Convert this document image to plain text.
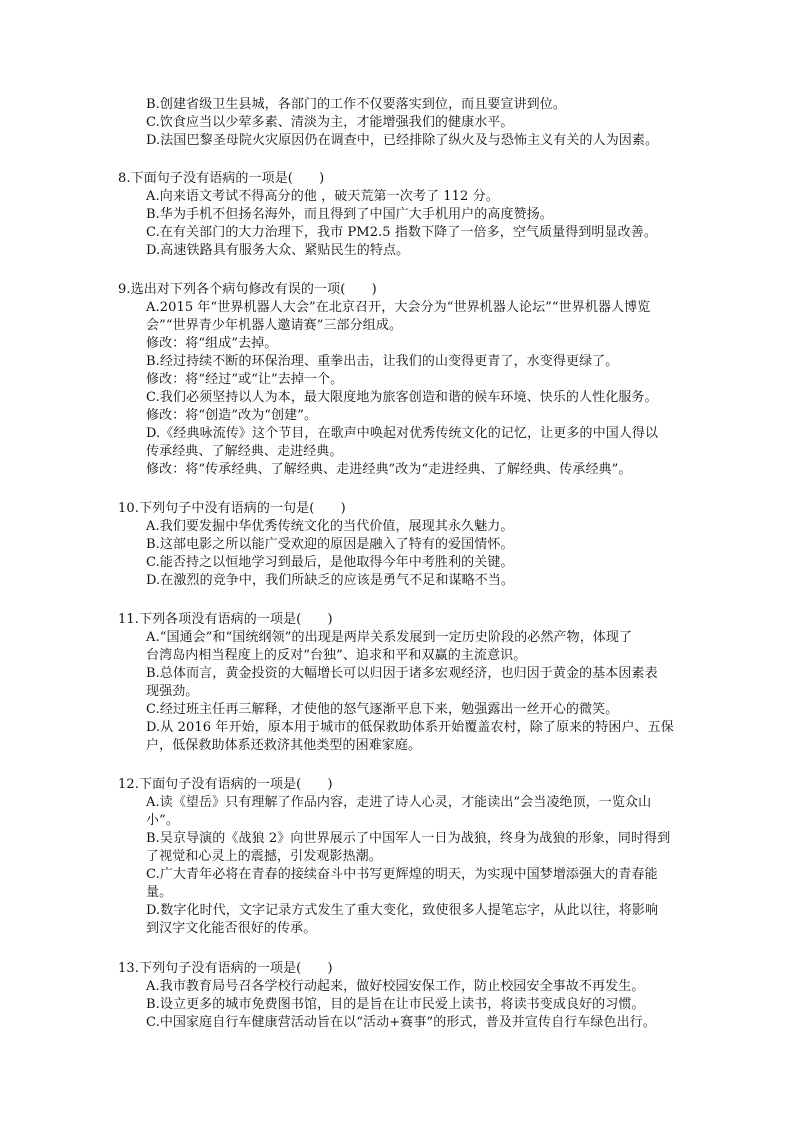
B.创建省级卫生县城，各部门的工作不仅要落实到位，而且要宣讲到位。
C.饮食应当以少荤多素、清淡为主，才能增强我们的健康水平。
D.法国巴黎圣母院火灾原因仍在调查中，已经排除了纵火及与恐怖主义有关的人为因素。
8.下面句子没有语病的一项是(　　)
A.向来语文考试不得高分的他 ，破天荒第一次考了 112 分。
B.华为手机不但扬名海外，而且得到了中国广大手机用户的高度赞扬。
C.在有关部门的大力治理下，我市 PM2.5 指数下降了一倍多，空气质量得到明显改善。
D.高速铁路具有服务大众、紧贴民生的特点。
9.选出对下列各个病句修改有误的一项(　　)
A.2015 年“世界机器人大会”在北京召开，大会分为“世界机器人论坛”“世界机器人博览
会”“世界青少年机器人邀请赛”三部分组成。
修改：将“组成”去掉。
B.经过持续不断的环保治理、重拳出击，让我们的山变得更青了，水变得更绿了。
修改：将“经过”或“让”去掉一个。
C.我们必须坚持以人为本，最大限度地为旅客创造和谐的候车环境、快乐的人性化服务。
修改：将“创造”改为“创建”。
D.《经典咏流传》这个节目，在歌声中唤起对优秀传统文化的记忆，让更多的中国人得以
传承经典、了解经典、走进经典。
修改：将“传承经典、了解经典、走进经典”改为“走进经典、了解经典、传承经典”。
10.下列句子中没有语病的一句是(　　)
A.我们要发掘中华优秀传统文化的当代价值，展现其永久魅力。
B.这部电影之所以能广受欢迎的原因是融入了特有的爱国情怀。
C.能否持之以恒地学习到最后，是他取得今年中考胜利的关键。
D.在激烈的竞争中，我们所缺乏的应该是勇气不足和谋略不当。
11.下列各项没有语病的一项是(　　)
A.“国通会”和“国统纲领”的出现是两岸关系发展到一定历史阶段的必然产物，体现了
台湾岛内相当程度上的反对“台独”、追求和平和双赢的主流意识。
B.总体而言，黄金投资的大幅增长可以归因于诸多宏观经济，也归因于黄金的基本因素表
现强劲。
C.经过班主任再三解释，才使他的怒气逐渐平息下来，勉强露出一丝开心的微笑。
D.从 2016 年开始，原本用于城市的低保救助体系开始覆盖农村，除了原来的特困户、五保
户，低保救助体系还救济其他类型的困难家庭。
12.下面句子没有语病的一项是(　　)
A.读《望岳》只有理解了作品内容，走进了诗人心灵，才能读出“会当凌绝顶，一览众山
小”。
B.吴京导演的《战狼 2》向世界展示了中国军人一日为战狼，终身为战狼的形象，同时得到
了视觉和心灵上的震撼，引发观影热潮。
C.广大青年必将在青春的接续奋斗中书写更辉煌的明天，为实现中国梦增添强大的青春能
量。
D.数字化时代，文字记录方式发生了重大变化，致使很多人提笔忘字，从此以往，将影响
到汉字文化能否很好的传承。
13.下列句子没有语病的一项是(　　)
A.我市教育局号召各学校行动起来，做好校园安保工作，防止校园安全事故不再发生。
B.设立更多的城市免费图书馆，目的是旨在让市民爱上读书，将读书变成良好的习惯。
C.中国家庭自行车健康营活动旨在以“活动+赛事”的形式，普及并宣传自行车绿色出行。
